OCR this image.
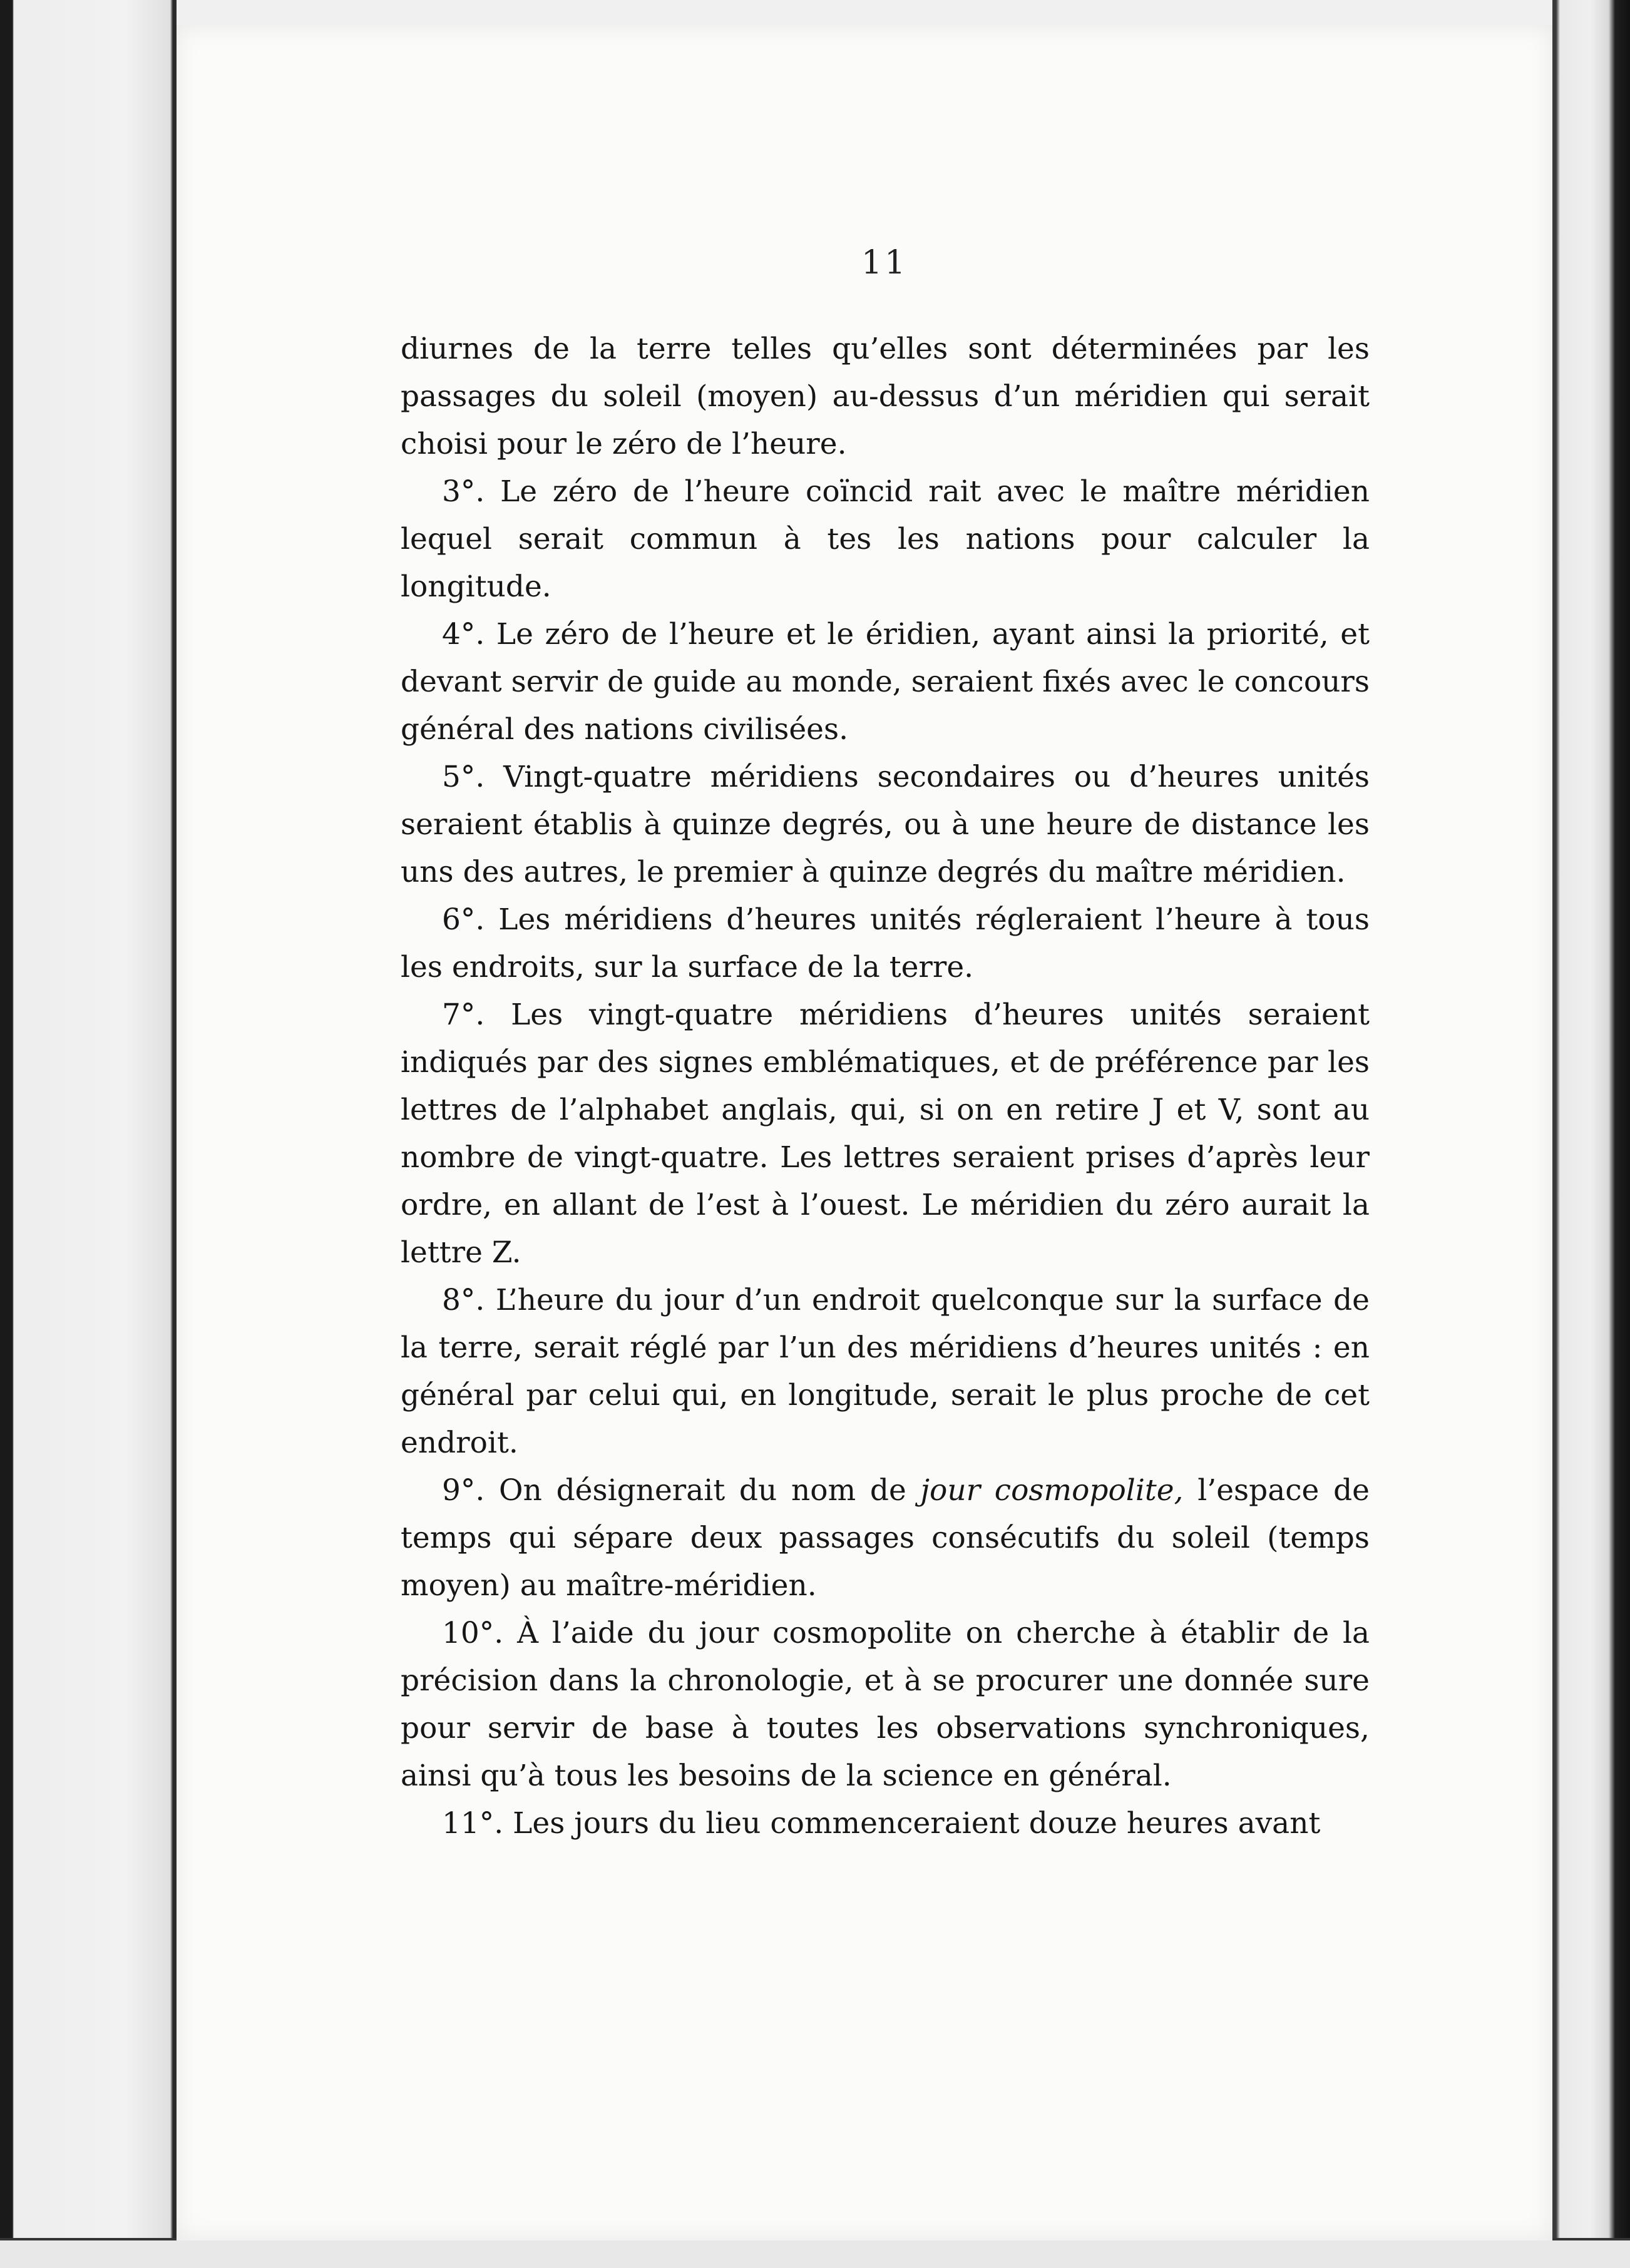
11

diurnes de la terre telles qu’elles sont déterminées par les passages du soleil (moyen) au-dessus d’un méridien qui serait choisi pour le zéro de l’heure.

3°. Le zéro de l’heure coïncid rait avec le maître méridien lequel serait commun à tes les nations pour calculer la longitude.

4°. Le zéro de l’heure et le éridien, ayant ainsi la priorité, et devant servir de guide au monde, seraient fixés avec le concours général des nations civilisées.

5°. Vingt-quatre méridiens secondaires ou d’heures unités seraient établis à quinze degrés, ou à une heure de distance les uns des autres, le premier à quinze degrés du maître méridien.

6°. Les méridiens d’heures unités régleraient l’heure à tous les endroits, sur la surface de la terre.

7°. Les vingt-quatre méridiens d’heures unités seraient indiqués par des signes emblématiques, et de préférence par les lettres de l’alphabet anglais, qui, si on en retire J et V, sont au nombre de vingt-quatre. Les lettres seraient prises d’après leur ordre, en allant de l’est à l’ouest. Le méridien du zéro aurait la lettre Z.

8°. L’heure du jour d’un endroit quelconque sur la surface de la terre, serait réglé par l’un des méridiens d’heures unités : en général par celui qui, en longitude, serait le plus proche de cet endroit.

9°. On désignerait du nom de jour cosmopolite, l’espace de temps qui sépare deux passages consécutifs du soleil (temps moyen) au maître-méridien.

10°. À l’aide du jour cosmopolite on cherche à établir de la précision dans la chronologie, et à se procurer une donnée sure pour servir de base à toutes les observations synchroniques, ainsi qu’à tous les besoins de la science en général.

11°. Les jours du lieu commenceraient douze heures avant
